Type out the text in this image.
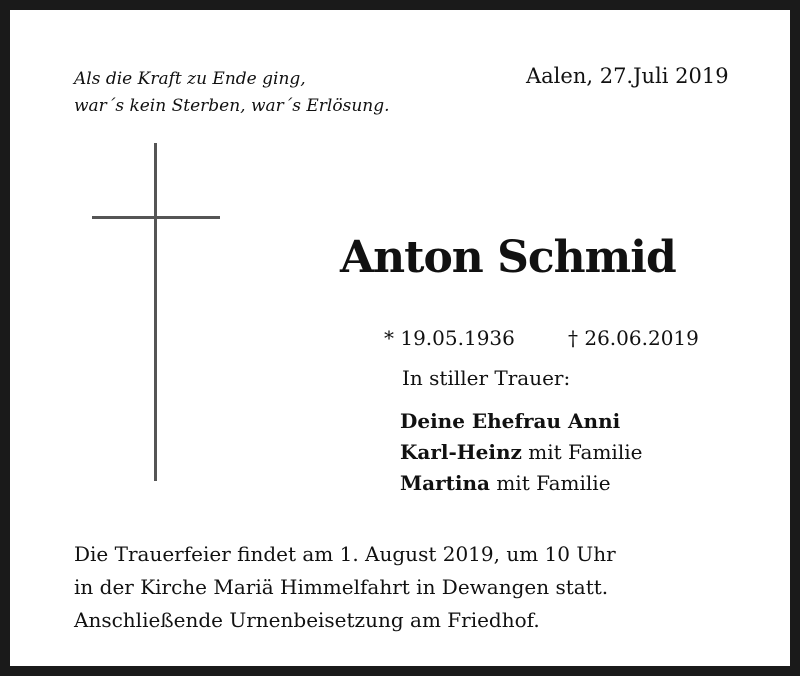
Als die Kraft zu Ende ging,
war´s kein Sterben, war´s Erlösung.
Aalen, 27.Juli 2019
Anton Schmid
* 19.05.1936	† 26.06.2019
In stiller Trauer:
Deine Ehefrau Anni
Karl-Heinz mit Familie
Martina mit Familie
Die Trauerfeier findet am 1. August 2019, um 10 Uhr
in der Kirche Mariä Himmelfahrt in Dewangen statt.
Anschließende Urnenbeisetzung am Friedhof.
